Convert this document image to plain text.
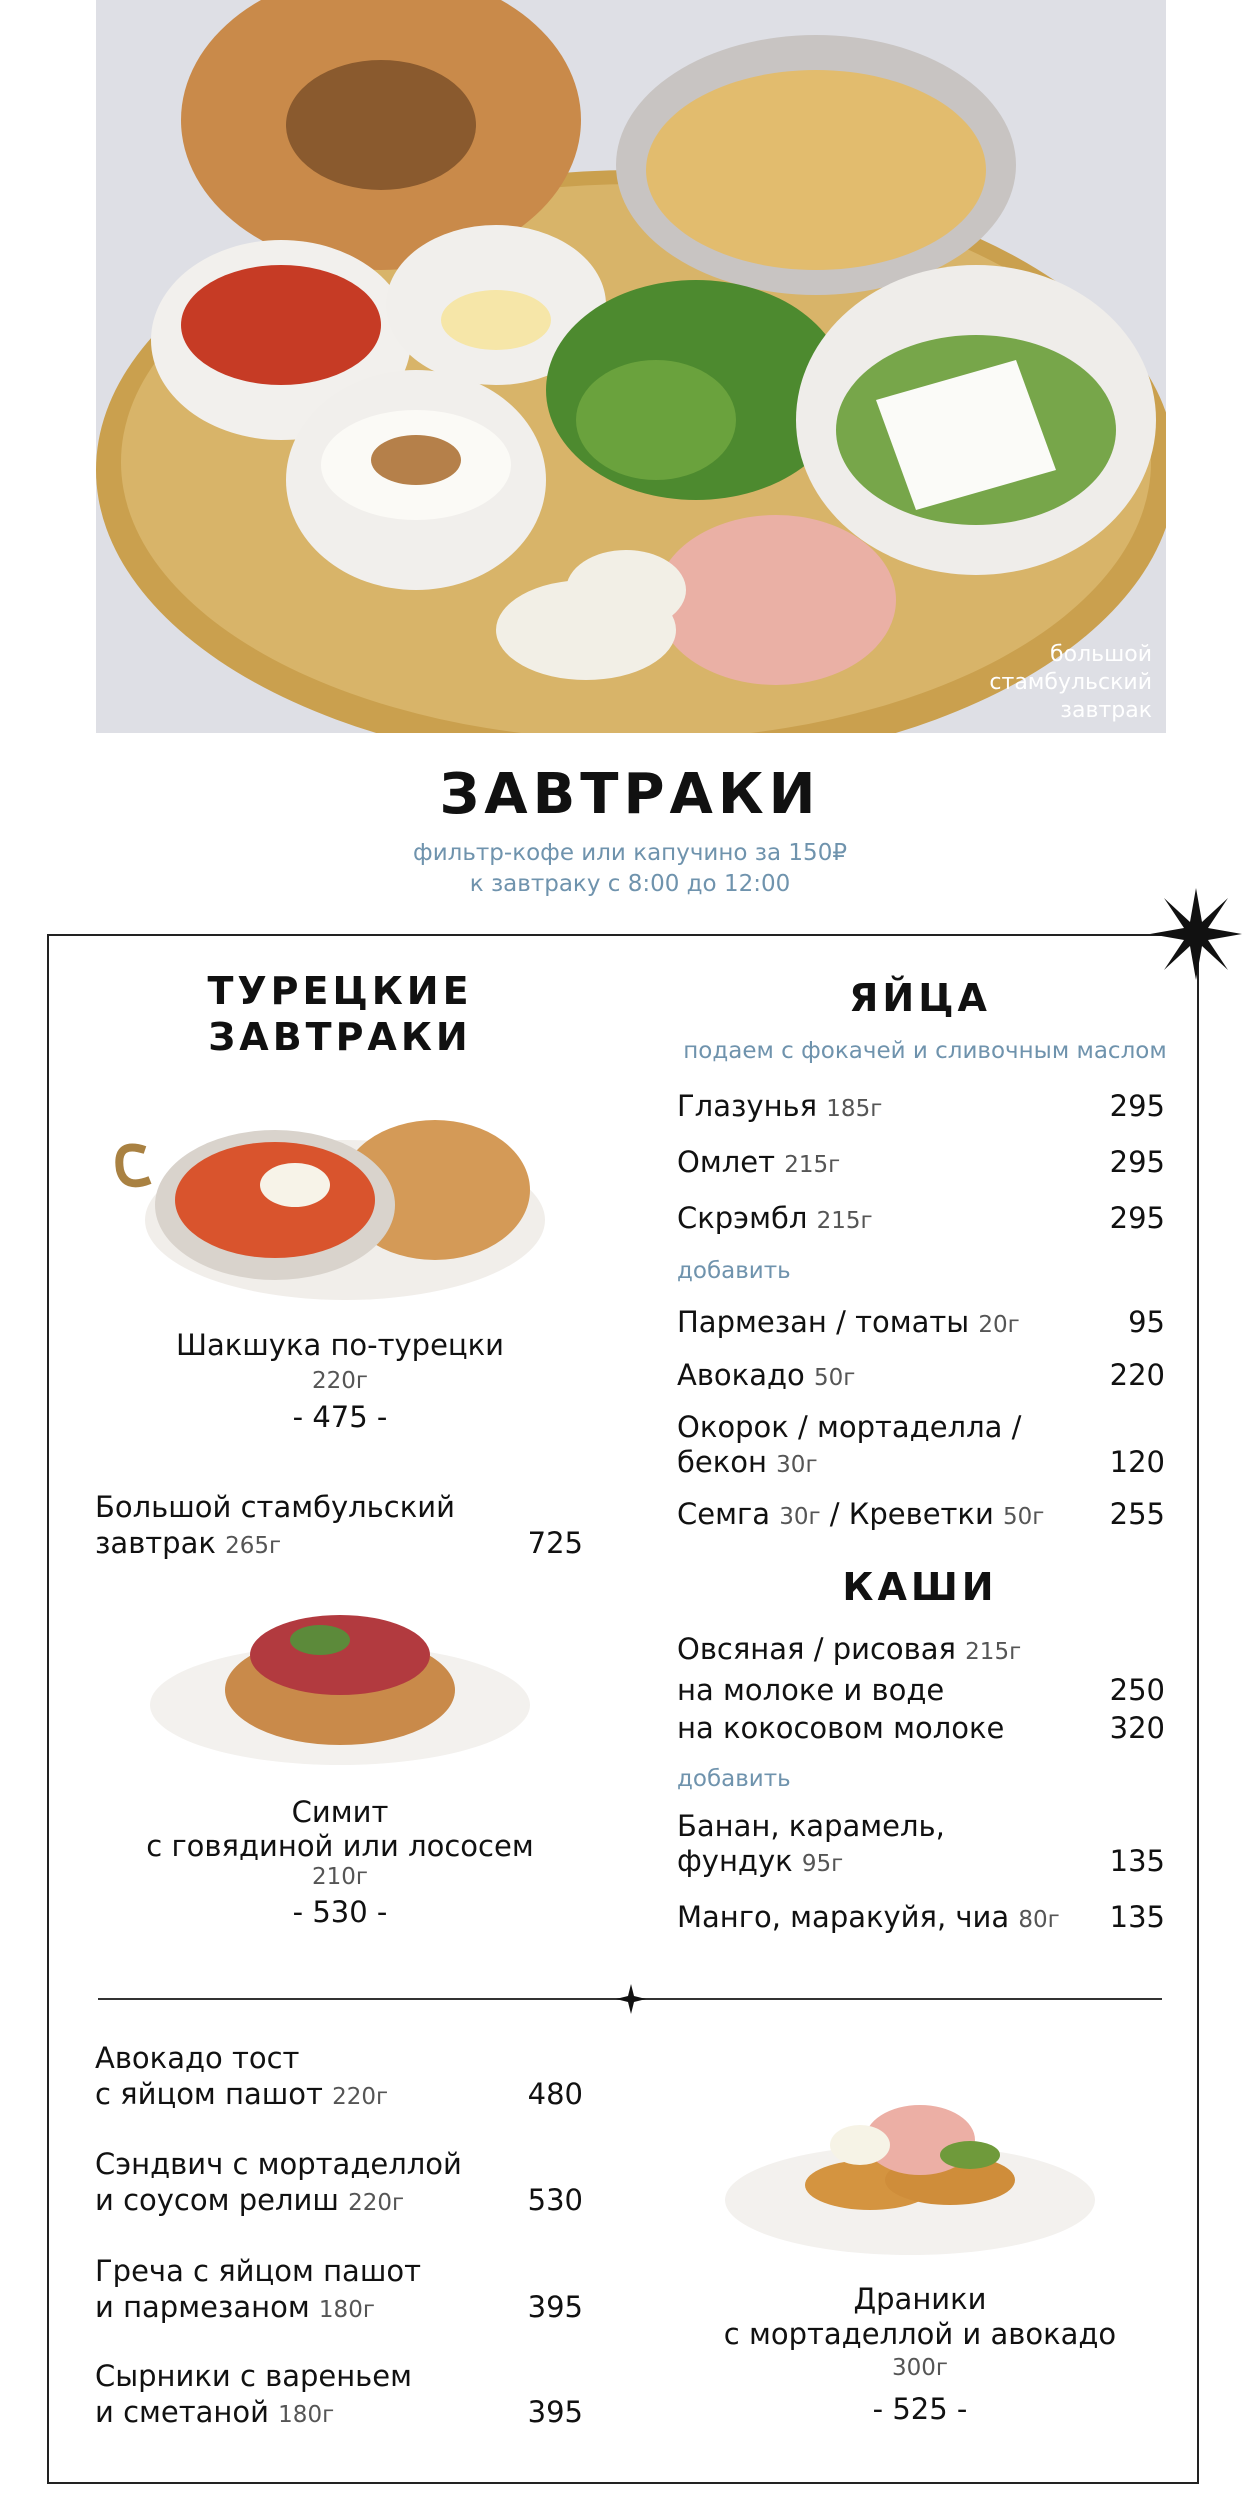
большой
стамбульский
завтрак
ЗАВТРАКИ
фильтр-кофе или капучино за 150₽
к завтраку с 8:00 до 12:00
ТУРЕЦКИЕ
ЗАВТРАКИ
Шакшука по-турецки
220г
- 475 -
Большой стамбульский
завтрак 265г	725
Симит
с говядиной или лососем
210г
- 530 -
ЯЙЦА
подаем с фокачей и сливочным маслом
Глазунья 185г	295
Омлет 215г	295
Скрэмбл 215г	295
добавить
Пармезан / томаты 20г	95
Авокадо 50г	220
Окорок / мортаделла /
бекон 30г	120
Семга 30г / Креветки 50г	255
КАШИ
Овсяная / рисовая 215г
на молоке и воде	250
на кокосовом молоке	320
добавить
Банан, карамель,
фундук 95г	135
Манго, маракуйя, чиа 80г	135
Авокадо тост
с яйцом пашот 220г	480
Сэндвич с мортаделлой
и соусом релиш 220г	530
Греча с яйцом пашот
и пармезаном 180г	395
Сырники с вареньем
и сметаной 180г	395
Драники
с мортаделлой и авокадо
300г
- 525 -
